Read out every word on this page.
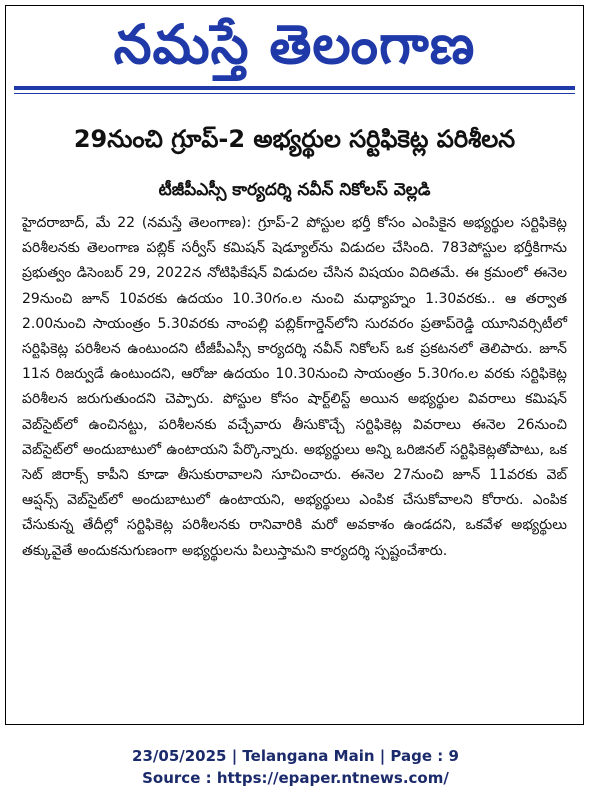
నమస్తే తెలంగాణ
29నుంచి గ్రూప్-2 అభ్యర్థుల సర్టిఫికెట్ల పరిశీలన
టీజీపీఎస్సీ కార్యదర్శి నవీన్ నికోలస్ వెల్లడి
హైదరాబాద్, మే 22 (నమస్తే తెలంగాణ): గ్రూప్-2 పోస్టుల భర్తీ కోసం ఎంపికైన అభ్యర్థుల సర్టిఫికెట్ల పరిశీలనకు తెలంగాణ పబ్లిక్ సర్వీస్ కమిషన్ షెడ్యూల్‌ను విడుదల చేసింది. 783పోస్టుల భర్తీకిగాను ప్రభుత్వం డిసెంబర్ 29, 2022న నోటిఫికేషన్ విడుదల చేసిన విషయం విదితమే. ఈ క్రమంలో ఈనెల 29నుంచి జూన్ 10వరకు ఉదయం 10.30గం.ల నుంచి మధ్యాహ్నం 1.30వరకు.. ఆ తర్వాత 2.00నుంచి సాయంత్రం 5.30వరకు నాంపల్లి పబ్లిక్‌గార్డెన్‌లోని సురవరం ప్రతాప్‌రెడ్డి యూనివర్సిటీలో సర్టిఫికెట్ల పరిశీలన ఉంటుందని టీజీపీఎస్సీ కార్యదర్శి నవీన్ నికోలస్ ఒక ప్రకటనలో తెలిపారు. జూన్ 11న రిజర్వుడే ఉంటుందని, ఆరోజు ఉదయం 10.30నుంచి సాయంత్రం 5.30గం.ల వరకు సర్టిఫికెట్ల పరిశీలన జరుగుతుందని చెప్పారు. పోస్టుల కోసం షార్ట్‌లిస్ట్ అయిన అభ్యర్థుల వివరాలు కమిషన్ వెబ్‌సైట్‌లో ఉంచినట్టు, పరిశీలనకు వచ్చేవారు తీసుకొచ్చే సర్టిఫికెట్ల వివరాలు ఈనెల 26నుంచి వెబ్‌సైట్‌లో అందుబాటులో ఉంటాయని పేర్కొన్నారు. అభ్యర్థులు అన్ని ఒరిజినల్ సర్టిఫికెట్లతోపాటు, ఒక సెట్ జిరాక్స్ కాపీని కూడా తీసుకురావాలని సూచించారు. ఈనెల 27నుంచి జూన్ 11వరకు వెబ్ ఆప్షన్స్ వెబ్‌సైట్‌లో అందుబాటులో ఉంటాయని, అభ్యర్థులు ఎంపిక చేసుకోవాలని కోరారు. ఎంపిక చేసుకున్న తేదీల్లో సర్టిఫికెట్ల పరిశీలనకు రానివారికి మరో అవకాశం ఉండదని, ఒకవేళ అభ్యర్థులు తక్కువైతే అందుకనుగుణంగా అభ్యర్థులను పిలుస్తామని కార్యదర్శి స్పష్టంచేశారు.
23/05/2025 | Telangana Main | Page : 9
Source : https://epaper.ntnews.com/
